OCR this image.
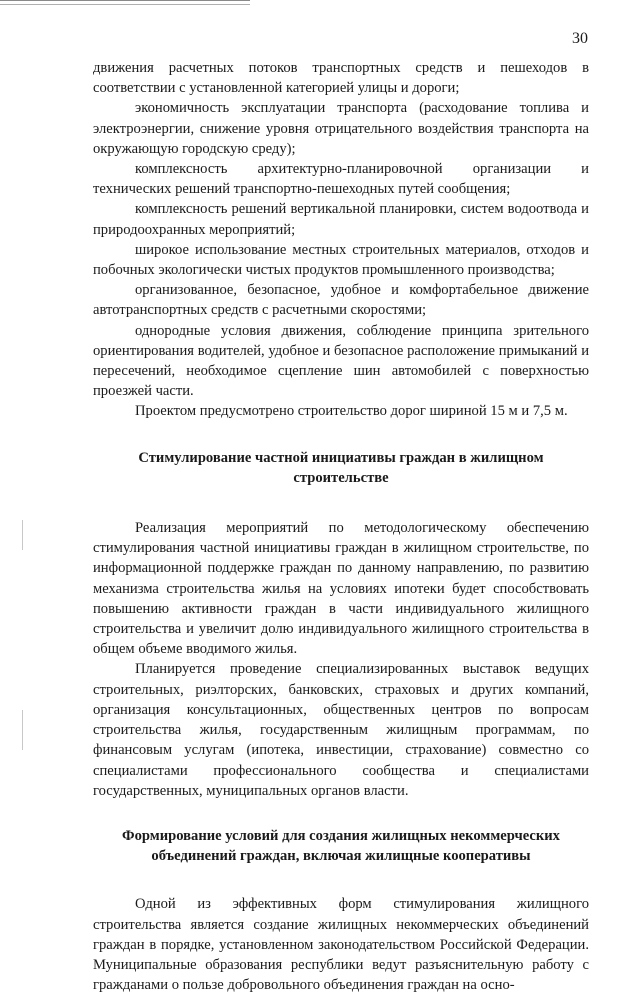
30

движения расчетных потоков транспортных средств и пешеходов в соответствии с установленной категорией улицы и дороги;

экономичность эксплуатации транспорта (расходование топлива и электроэнергии, снижение уровня отрицательного воздействия транспорта на окружающую городскую среду);

комплексность архитектурно-планировочной организации и технических решений транспортно-пешеходных путей сообщения;

комплексность решений вертикальной планировки, систем водоотвода и природоохранных мероприятий;

широкое использование местных строительных материалов, отходов и побочных экологически чистых продуктов промышленного производства;

организованное, безопасное, удобное и комфортабельное движение автотранспортных средств с расчетными скоростями;

однородные условия движения, соблюдение принципа зрительного ориентирования водителей, удобное и безопасное расположение примыканий и пересечений, необходимое сцепление шин автомобилей с поверхностью проезжей части.

Проектом предусмотрено строительство дорог шириной 15 м и 7,5 м.

Стимулирование частной инициативы граждан в жилищном строительстве

Реализация мероприятий по методологическому обеспечению стимулирования частной инициативы граждан в жилищном строительстве, по информационной поддержке граждан по данному направлению, по развитию механизма строительства жилья на условиях ипотеки будет способствовать повышению активности граждан в части индивидуального жилищного строительства и увеличит долю индивидуального жилищного строительства в общем объеме вводимого жилья.

Планируется проведение специализированных выставок ведущих строительных, риэлторских, банковских, страховых и других компаний, организация консультационных, общественных центров по вопросам строительства жилья, государственным жилищным программам, по финансовым услугам (ипотека, инвестиции, страхование) совместно со специалистами профессионального сообщества и специалистами государственных, муниципальных органов власти.

Формирование условий для создания жилищных некоммерческих объединений граждан, включая жилищные кооперативы

Одной из эффективных форм стимулирования жилищного строительства является создание жилищных некоммерческих объединений граждан в порядке, установленном законодательством Российской Федерации. Муниципальные образования республики ведут разъяснительную работу с гражданами о пользе добровольного объединения граждан на осно-
